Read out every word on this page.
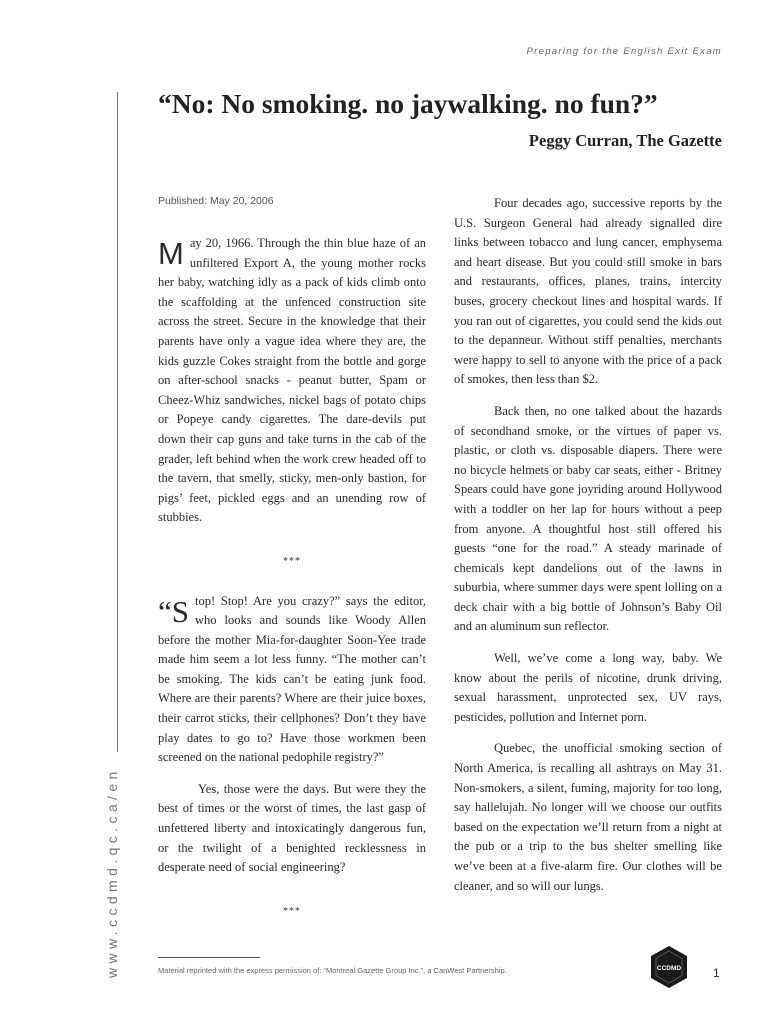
Preparing for the English Exit Exam
www.ccdmd.qc.ca/en
“No: No smoking. no jaywalking. no fun?”
Peggy Curran, The Gazette
Published: May 20, 2006

May 20, 1966. Through the thin blue haze of an unfiltered Export A, the young mother rocks her baby, watching idly as a pack of kids climb onto the scaffolding at the unfenced construction site across the street. Secure in the knowledge that their parents have only a vague idea where they are, the kids guzzle Cokes straight from the bottle and gorge on after-school snacks - peanut butter, Spam or Cheez-Whiz sandwiches, nickel bags of potato chips or Popeye candy cigarettes. The dare-devils put down their cap guns and take turns in the cab of the grader, left behind when the work crew headed off to the tavern, that smelly, sticky, men-only bastion, for pigs’ feet, pickled eggs and an unending row of stubbies.

***

“Stop! Stop! Are you crazy?” says the editor, who looks and sounds like Woody Allen before the mother Mia-for-daughter Soon-Yee trade made him seem a lot less funny. “The mother can’t be smoking. The kids can’t be eating junk food. Where are their parents? Where are their juice boxes, their carrot sticks, their cellphones? Don’t they have play dates to go to? Have those workmen been screened on the national pedophile registry?”

Yes, those were the days. But were they the best of times or the worst of times, the last gasp of unfettered liberty and intoxicatingly dangerous fun, or the twilight of a benighted recklessness in desperate need of social engineering?

***

Four decades ago, successive reports by the U.S. Surgeon General had already signalled dire links between tobacco and lung cancer, emphysema and heart disease. But you could still smoke in bars and restaurants, offices, planes, trains, intercity buses, grocery checkout lines and hospital wards. If you ran out of cigarettes, you could send the kids out to the depanneur. Without stiff penalties, merchants were happy to sell to anyone with the price of a pack of smokes, then less than $2.

Back then, no one talked about the hazards of secondhand smoke, or the virtues of paper vs. plastic, or cloth vs. disposable diapers. There were no bicycle helmets or baby car seats, either - Britney Spears could have gone joyriding around Hollywood with a toddler on her lap for hours without a peep from anyone. A thoughtful host still offered his guests “one for the road.” A steady marinade of chemicals kept dandelions out of the lawns in suburbia, where summer days were spent lolling on a deck chair with a big bottle of Johnson’s Baby Oil and an aluminum sun reflector.

Well, we’ve come a long way, baby. We know about the perils of nicotine, drunk driving, sexual harassment, unprotected sex, UV rays, pesticides, pollution and Internet porn.

Quebec, the unofficial smoking section of North America, is recalling all ashtrays on May 31. Non-smokers, a silent, fuming, majority for too long, say hallelujah. No longer will we choose our outfits based on the expectation we’ll return from a night at the pub or a trip to the bus shelter smelling like we’ve been at a five-alarm fire. Our clothes will be cleaner, and so will our lungs.

Material reprinted with the express permission of: “Montreal Gazette Group Inc.”, a CanWest Partnership.	CCDMD	1
